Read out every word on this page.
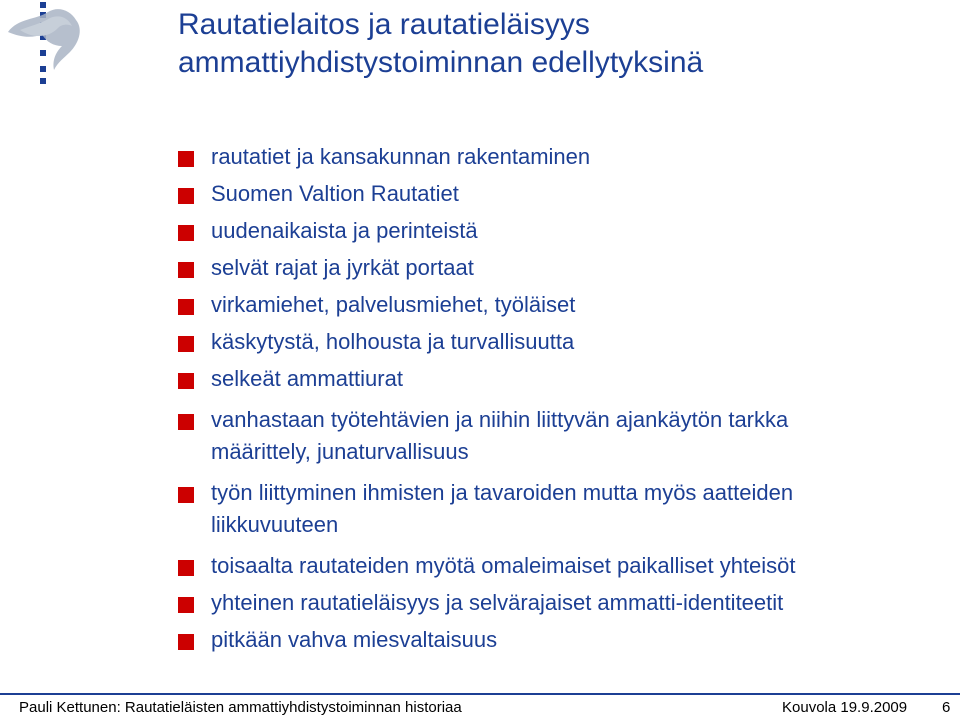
Rautatielaitos ja rautatieläisyys
ammattiyhdistystoiminnan edellytyksinä
rautatiet ja kansakunnan rakentaminen
Suomen Valtion Rautatiet
uudenaikaista ja perinteistä
selvät rajat ja jyrkät portaat
virkamiehet, palvelusmiehet, työläiset
käskytystä, holhousta ja turvallisuutta
selkeät ammattiurat
vanhastaan työtehtävien ja niihin liittyvän ajankäytön tarkka
määrittely, junaturvallisuus
työn liittyminen ihmisten ja tavaroiden mutta myös aatteiden
liikkuvuuteen
toisaalta rautateiden myötä omaleimaiset paikalliset yhteisöt
yhteinen rautatieläisyys ja selvärajaiset ammatti-identiteetit
pitkään vahva miesvaltaisuus
Pauli Kettunen: Rautatieläisten ammattiyhdistystoiminnan historiaa	Kouvola 19.9.2009 6
